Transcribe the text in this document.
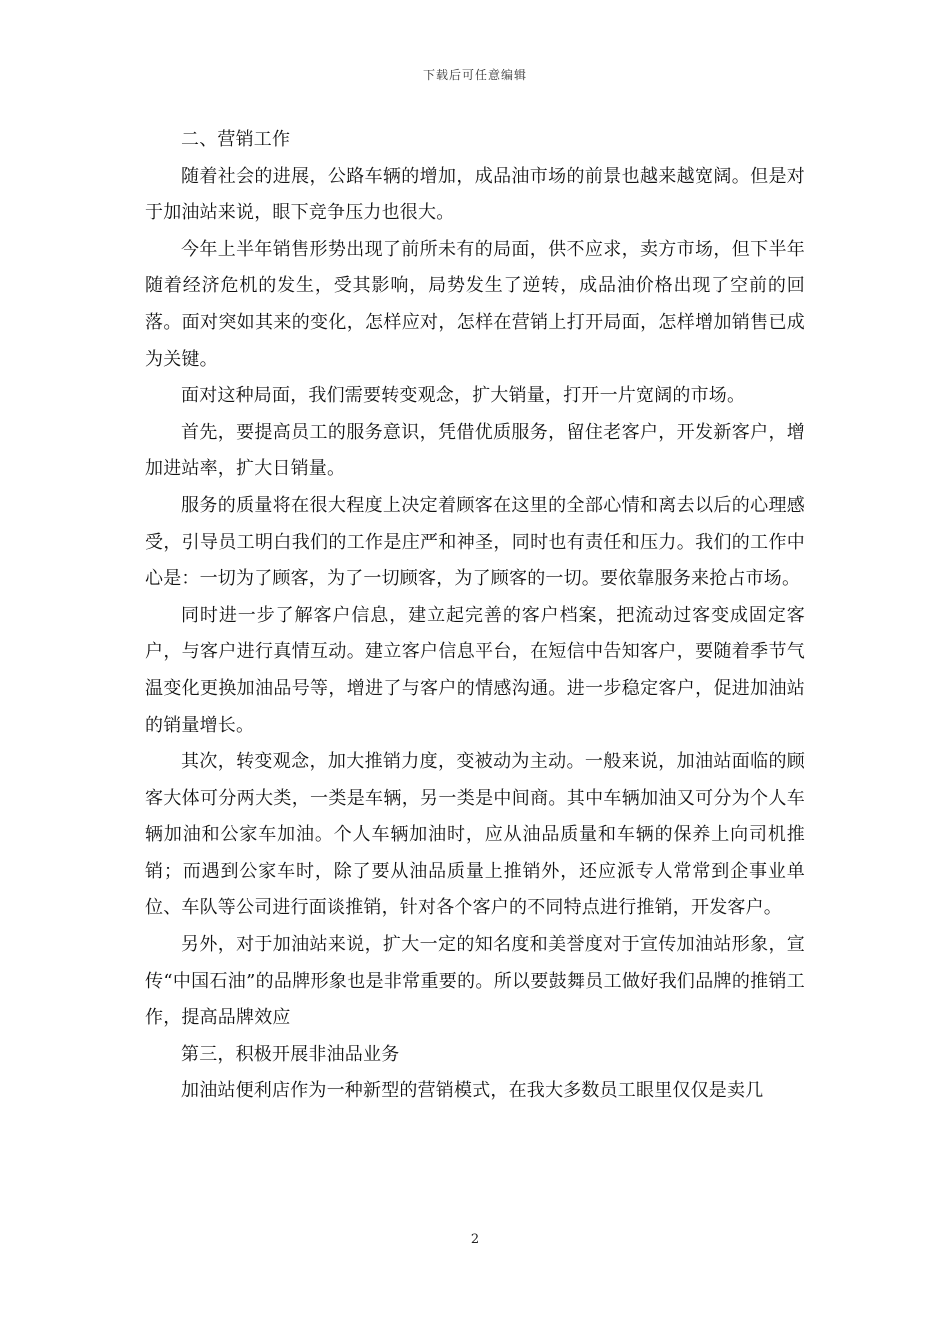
下载后可任意编辑

二、营销工作

随着社会的进展，公路车辆的增加，成品油市场的前景也越来越宽阔。但是对于加油站来说，眼下竞争压力也很大。

今年上半年销售形势出现了前所未有的局面，供不应求，卖方市场，但下半年随着经济危机的发生，受其影响，局势发生了逆转，成品油价格出现了空前的回落。面对突如其来的变化，怎样应对，怎样在营销上打开局面，怎样增加销售已成为关键。

面对这种局面，我们需要转变观念，扩大销量，打开一片宽阔的市场。

首先，要提高员工的服务意识，凭借优质服务，留住老客户，开发新客户，增加进站率，扩大日销量。

服务的质量将在很大程度上决定着顾客在这里的全部心情和离去以后的心理感受，引导员工明白我们的工作是庄严和神圣，同时也有责任和压力。我们的工作中心是：一切为了顾客，为了一切顾客，为了顾客的一切。要依靠服务来抢占市场。

同时进一步了解客户信息，建立起完善的客户档案，把流动过客变成固定客户，与客户进行真情互动。建立客户信息平台，在短信中告知客户，要随着季节气温变化更换加油品号等，增进了与客户的情感沟通。进一步稳定客户，促进加油站的销量增长。

其次，转变观念，加大推销力度，变被动为主动。一般来说，加油站面临的顾客大体可分两大类，一类是车辆，另一类是中间商。其中车辆加油又可分为个人车辆加油和公家车加油。个人车辆加油时，应从油品质量和车辆的保养上向司机推销；而遇到公家车时，除了要从油品质量上推销外，还应派专人常常到企事业单位、车队等公司进行面谈推销，针对各个客户的不同特点进行推销，开发客户。

另外，对于加油站来说，扩大一定的知名度和美誉度对于宣传加油站形象，宣传“中国石油”的品牌形象也是非常重要的。所以要鼓舞员工做好我们品牌的推销工作，提高品牌效应

第三，积极开展非油品业务

加油站便利店作为一种新型的营销模式，在我大多数员工眼里仅仅是卖几

2
